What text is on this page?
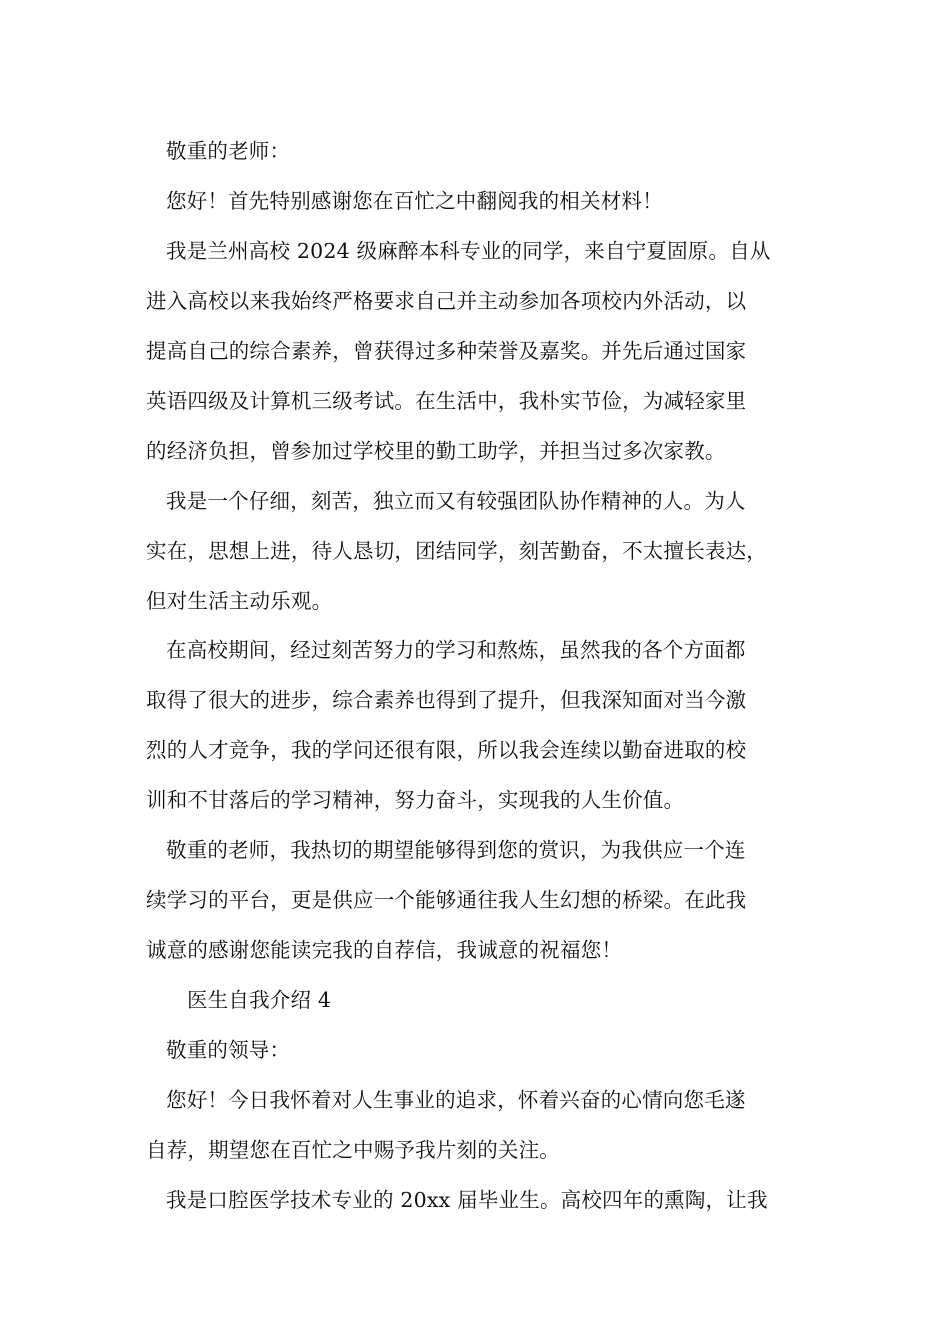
敬重的老师：
您好！首先特别感谢您在百忙之中翻阅我的相关材料！
我是兰州高校 2024 级麻醉本科专业的同学，来自宁夏固原。自从
进入高校以来我始终严格要求自己并主动参加各项校内外活动，以
提高自己的综合素养，曾获得过多种荣誉及嘉奖。并先后通过国家
英语四级及计算机三级考试。在生活中，我朴实节俭，为减轻家里
的经济负担，曾参加过学校里的勤工助学，并担当过多次家教。
我是一个仔细，刻苦，独立而又有较强团队协作精神的人。为人
实在，思想上进，待人恳切，团结同学，刻苦勤奋，不太擅长表达，
但对生活主动乐观。
在高校期间，经过刻苦努力的学习和熬炼，虽然我的各个方面都
取得了很大的进步，综合素养也得到了提升，但我深知面对当今激
烈的人才竞争，我的学问还很有限，所以我会连续以勤奋进取的校
训和不甘落后的学习精神，努力奋斗，实现我的人生价值。
敬重的老师，我热切的期望能够得到您的赏识，为我供应一个连
续学习的平台，更是供应一个能够通往我人生幻想的桥梁。在此我
诚意的感谢您能读完我的自荐信，我诚意的祝福您！
医生自我介绍 4
敬重的领导：
您好！今日我怀着对人生事业的追求，怀着兴奋的心情向您毛遂
自荐，期望您在百忙之中赐予我片刻的关注。
我是口腔医学技术专业的 20xx 届毕业生。高校四年的熏陶，让我
